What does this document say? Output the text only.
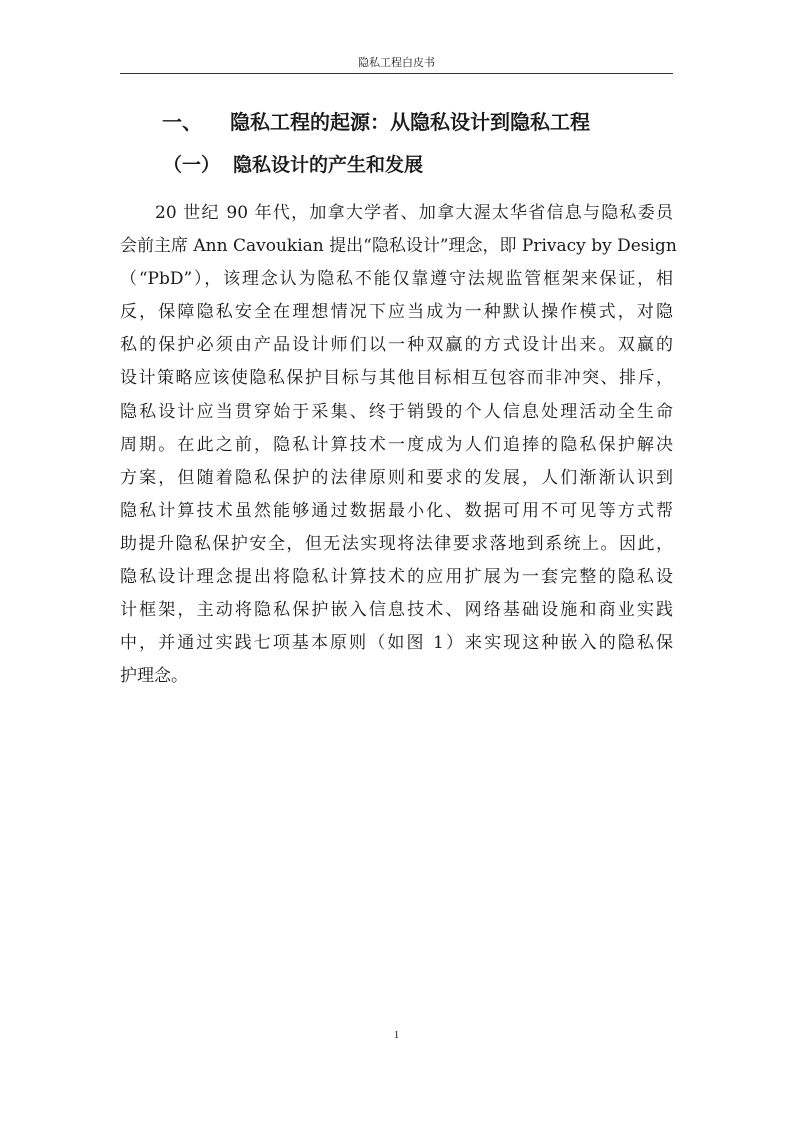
隐私工程白皮书
一、 隐私工程的起源：从隐私设计到隐私工程
（一） 隐私设计的产生和发展
20 世纪 90 年代，加拿大学者、加拿大渥太华省信息与隐私委员
会前主席 Ann Cavoukian 提出“隐私设计”理念，即 Privacy by Design
（“PbD”），该理念认为隐私不能仅靠遵守法规监管框架来保证，相
反，保障隐私安全在理想情况下应当成为一种默认操作模式，对隐
私的保护必须由产品设计师们以一种双赢的方式设计出来。双赢的
设计策略应该使隐私保护目标与其他目标相互包容而非冲突、排斥，
隐私设计应当贯穿始于采集、终于销毁的个人信息处理活动全生命
周期。在此之前，隐私计算技术一度成为人们追捧的隐私保护解决
方案，但随着隐私保护的法律原则和要求的发展，人们渐渐认识到
隐私计算技术虽然能够通过数据最小化、数据可用不可见等方式帮
助提升隐私保护安全，但无法实现将法律要求落地到系统上。因此，
隐私设计理念提出将隐私计算技术的应用扩展为一套完整的隐私设
计框架，主动将隐私保护嵌入信息技术、网络基础设施和商业实践
中，并通过实践七项基本原则（如图 1）来实现这种嵌入的隐私保
护理念。
1
